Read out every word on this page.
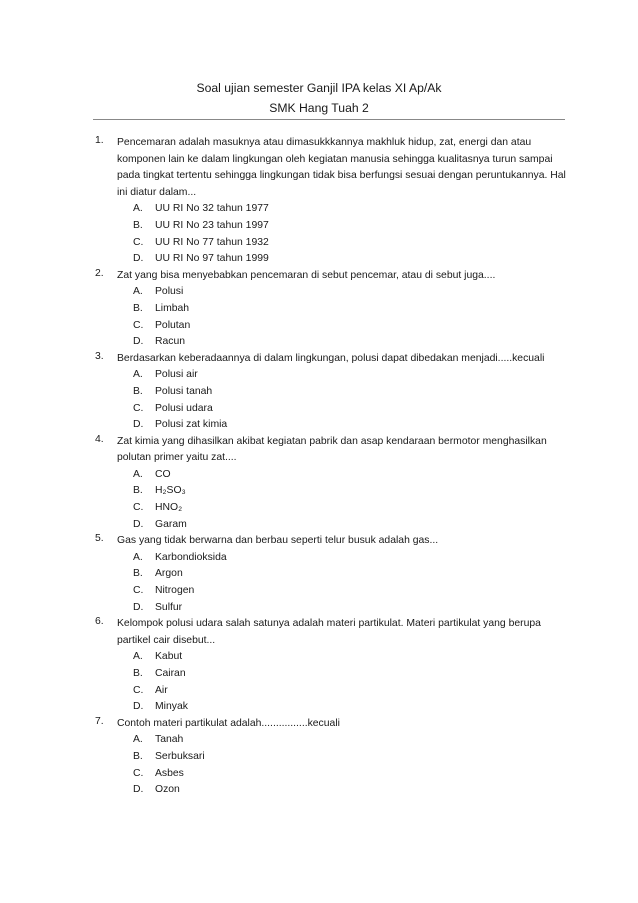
Soal ujian semester Ganjil IPA kelas XI Ap/Ak
SMK Hang Tuah 2
1. Pencemaran adalah masuknya atau dimasukkkannya makhluk hidup, zat, energi dan atau komponen lain ke dalam lingkungan oleh kegiatan manusia sehingga kualitasnya turun sampai pada tingkat tertentu sehingga lingkungan tidak bisa berfungsi sesuai dengan peruntukannya. Hal ini diatur dalam...
A. UU RI No 32 tahun 1977
B. UU RI No 23 tahun 1997
C. UU RI No 77 tahun 1932
D. UU RI No 97 tahun 1999
2. Zat yang bisa menyebabkan pencemaran di sebut pencemar, atau di sebut juga....
A. Polusi
B. Limbah
C. Polutan
D. Racun
3. Berdasarkan keberadaannya di dalam lingkungan, polusi dapat dibedakan menjadi.....kecuali
A. Polusi air
B. Polusi tanah
C. Polusi udara
D. Polusi zat kimia
4. Zat kimia yang dihasilkan akibat kegiatan pabrik dan asap kendaraan bermotor menghasilkan polutan primer yaitu zat....
A. CO
B. H₂SO₃
C. HNO₂
D. Garam
5. Gas yang tidak berwarna dan berbau seperti telur busuk adalah gas...
A. Karbondioksida
B. Argon
C. Nitrogen
D. Sulfur
6. Kelompok polusi udara salah satunya adalah materi partikulat. Materi partikulat yang berupa partikel cair disebut...
A. Kabut
B. Cairan
C. Air
D. Minyak
7. Contoh materi partikulat adalah................kecuali
A. Tanah
B. Serbuksari
C. Asbes
D. Ozon
